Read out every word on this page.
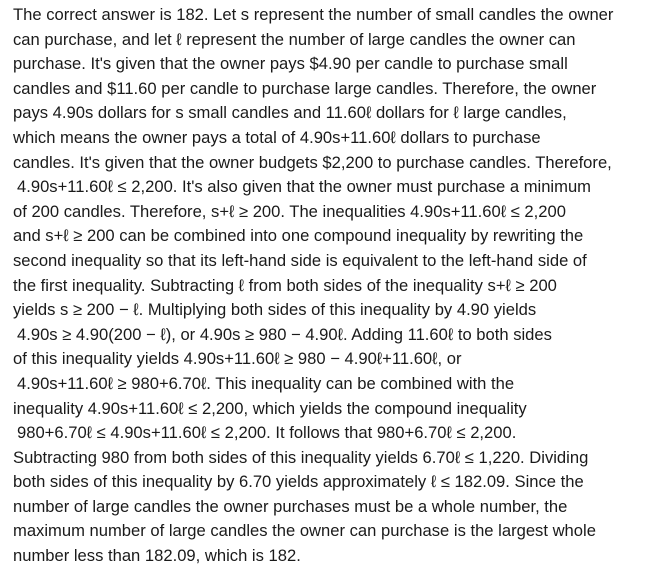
The correct answer is 182. Let s represent the number of small candles the owner
can purchase, and let ℓ represent the number of large candles the owner can
purchase. It's given that the owner pays $4.90 per candle to purchase small
candles and $11.60 per candle to purchase large candles. Therefore, the owner
pays 4.90s dollars for s small candles and 11.60ℓ dollars for ℓ large candles,
which means the owner pays a total of 4.90s+11.60ℓ dollars to purchase
candles. It's given that the owner budgets $2,200 to purchase candles. Therefore,
4.90s+11.60ℓ ≤ 2,200. It's also given that the owner must purchase a minimum
of 200 candles. Therefore, s+ℓ ≥ 200. The inequalities 4.90s+11.60ℓ ≤ 2,200
and s+ℓ ≥ 200 can be combined into one compound inequality by rewriting the
second inequality so that its left-hand side is equivalent to the left-hand side of
the first inequality. Subtracting ℓ from both sides of the inequality s+ℓ ≥ 200
yields s ≥ 200 − ℓ. Multiplying both sides of this inequality by 4.90 yields
4.90s ≥ 4.90(200 − ℓ), or 4.90s ≥ 980 − 4.90ℓ. Adding 11.60ℓ to both sides
of this inequality yields 4.90s+11.60ℓ ≥ 980 − 4.90ℓ+11.60ℓ, or
4.90s+11.60ℓ ≥ 980+6.70ℓ. This inequality can be combined with the
inequality 4.90s+11.60ℓ ≤ 2,200, which yields the compound inequality
980+6.70ℓ ≤ 4.90s+11.60ℓ ≤ 2,200. It follows that 980+6.70ℓ ≤ 2,200.
Subtracting 980 from both sides of this inequality yields 6.70ℓ ≤ 1,220. Dividing
both sides of this inequality by 6.70 yields approximately ℓ ≤ 182.09. Since the
number of large candles the owner purchases must be a whole number, the
maximum number of large candles the owner can purchase is the largest whole
number less than 182.09, which is 182.
